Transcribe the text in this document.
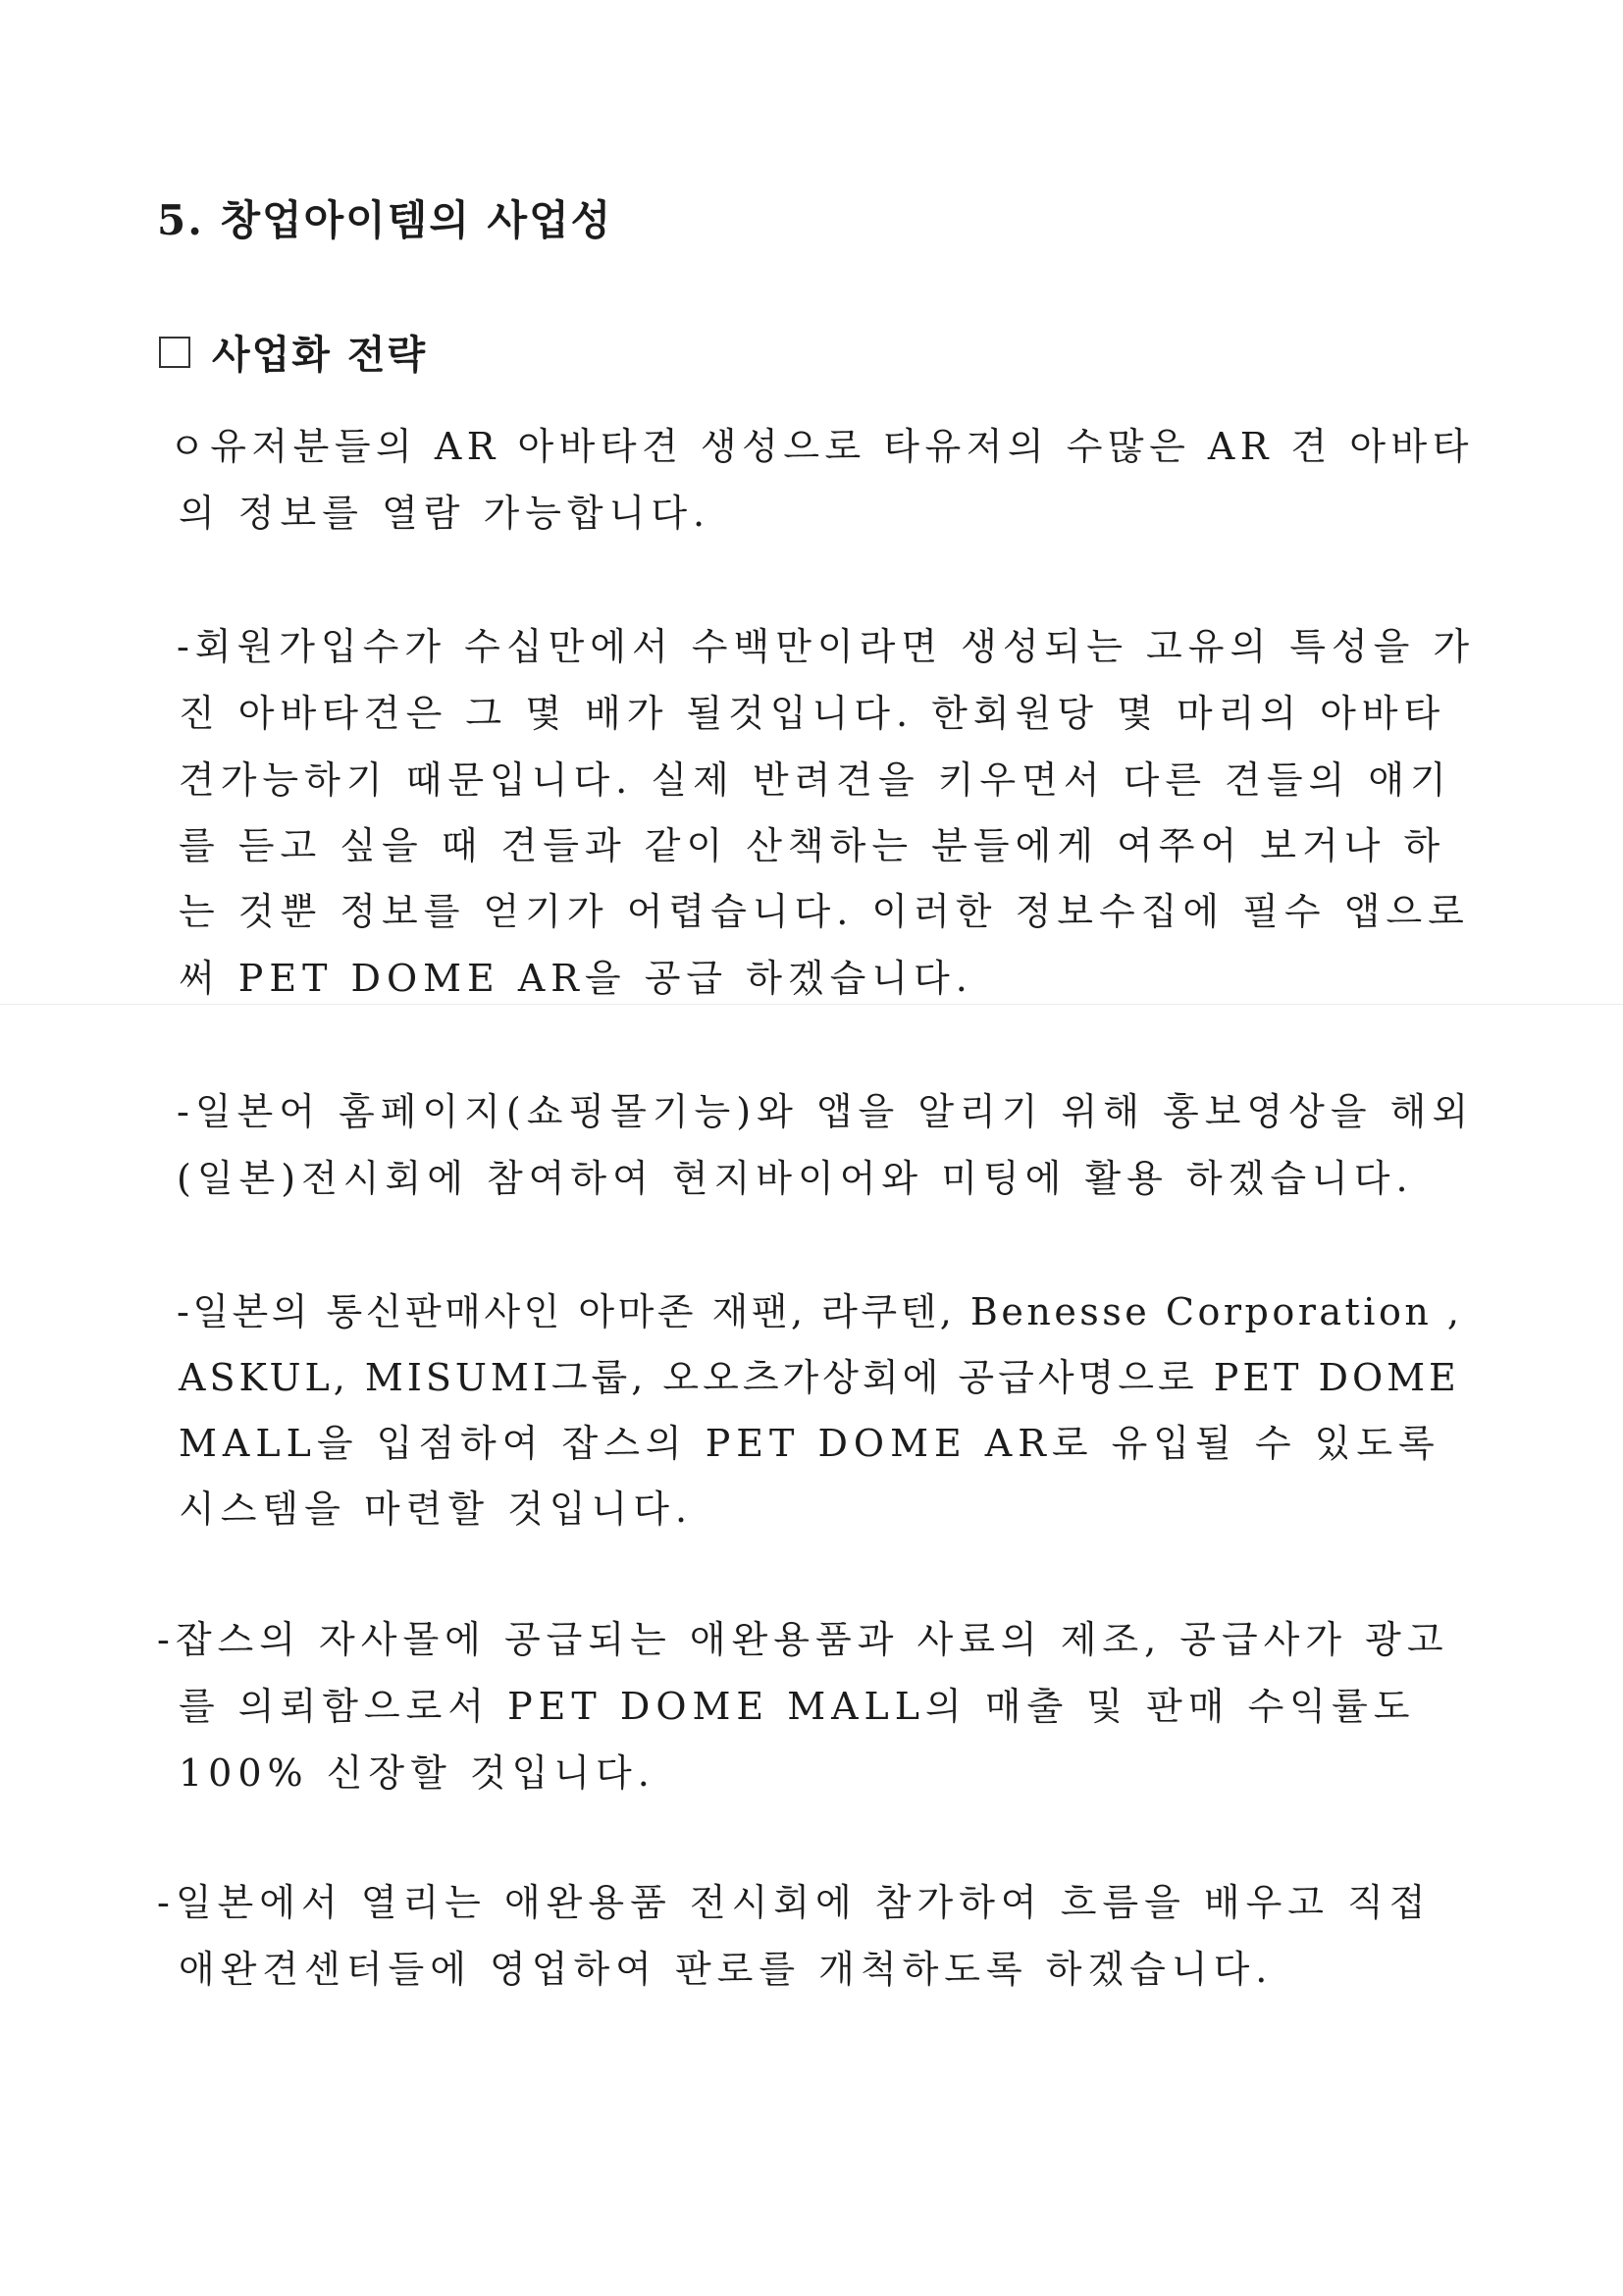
5. 창업아이템의 사업성
사업화 전략
ㅇ유저분들의 AR 아바타견 생성으로 타유저의 수많은 AR 견 아바타
의 정보를 열람 가능합니다.
-회원가입수가 수십만에서 수백만이라면 생성되는 고유의 특성을 가
진 아바타견은 그 몇 배가 될것입니다. 한회원당 몇 마리의 아바타
견가능하기 때문입니다. 실제 반려견을 키우면서 다른 견들의 얘기
를 듣고 싶을 때 견들과 같이 산책하는 분들에게 여쭈어 보거나 하
는 것뿐 정보를 얻기가 어렵습니다. 이러한 정보수집에 필수 앱으로
써 PET DOME AR을 공급 하겠습니다.
-일본어 홈페이지(쇼핑몰기능)와 앱을 알리기 위해 홍보영상을 해외
(일본)전시회에 참여하여 현지바이어와 미팅에 활용 하겠습니다.
-일본의 통신판매사인 아마존 재팬, 라쿠텐, Benesse Corporation ,
ASKUL, MISUMI그룹, 오오츠가상회에 공급사명으로 PET DOME
MALL을 입점하여 잡스의 PET DOME AR로 유입될 수 있도록
시스템을 마련할 것입니다.
-잡스의 자사몰에 공급되는 애완용품과 사료의 제조, 공급사가 광고
를 의뢰함으로서 PET DOME MALL의 매출 및 판매 수익률도
100% 신장할 것입니다.
-일본에서 열리는 애완용품 전시회에 참가하여 흐름을 배우고 직접
애완견센터들에 영업하여 판로를 개척하도록 하겠습니다.
